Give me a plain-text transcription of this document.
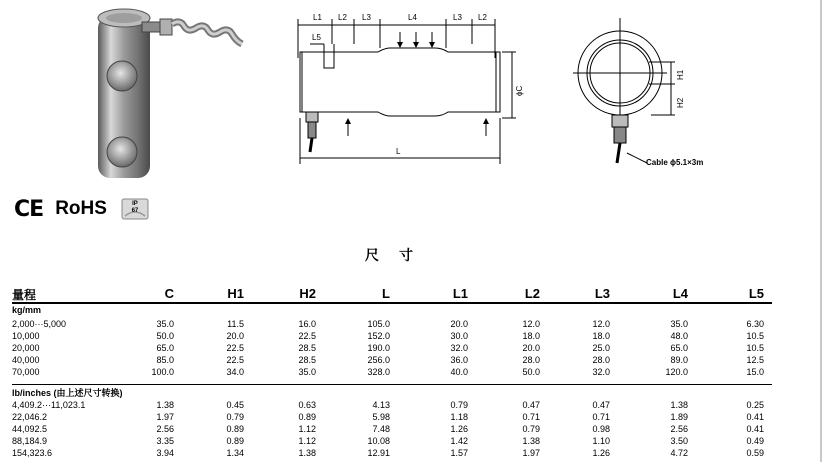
L1 L2 L3	L4	L3 L2
L5
ϕC
L
H1
H2
Cable ϕ5.1×3m
CE RoHS	IP
67
尺寸
量程	C	H1	H2	L	L1	L2	L3	L4	L5
kg/mm
2,000···5,000	35.0	11.5	16.0	105.0	20.0	12.0	12.0	35.0	6.30
10,000	50.0	20.0	22.5	152.0	30.0	18.0	18.0	48.0	10.5
20,000	65.0	22.5	28.5	190.0	32.0	20.0	25.0	65.0	10.5
40,000	85.0	22.5	28.5	256.0	36.0	28.0	28.0	89.0	12.5
70,000	100.0	34.0	35.0	328.0	40.0	50.0	32.0	120.0	15.0
lb/inches (由上述尺寸转换)
4,409.2···11,023.1	1.38	0.45	0.63	4.13	0.79	0.47	0.47	1.38	0.25
22,046.2	1.97	0.79	0.89	5.98	1.18	0.71	0.71	1.89	0.41
44,092.5	2.56	0.89	1.12	7.48	1.26	0.79	0.98	2.56	0.41
88,184.9	3.35	0.89	1.12	10.08	1.42	1.38	1.10	3.50	0.49
154,323.6	3.94	1.34	1.38	12.91	1.57	1.97	1.26	4.72	0.59
